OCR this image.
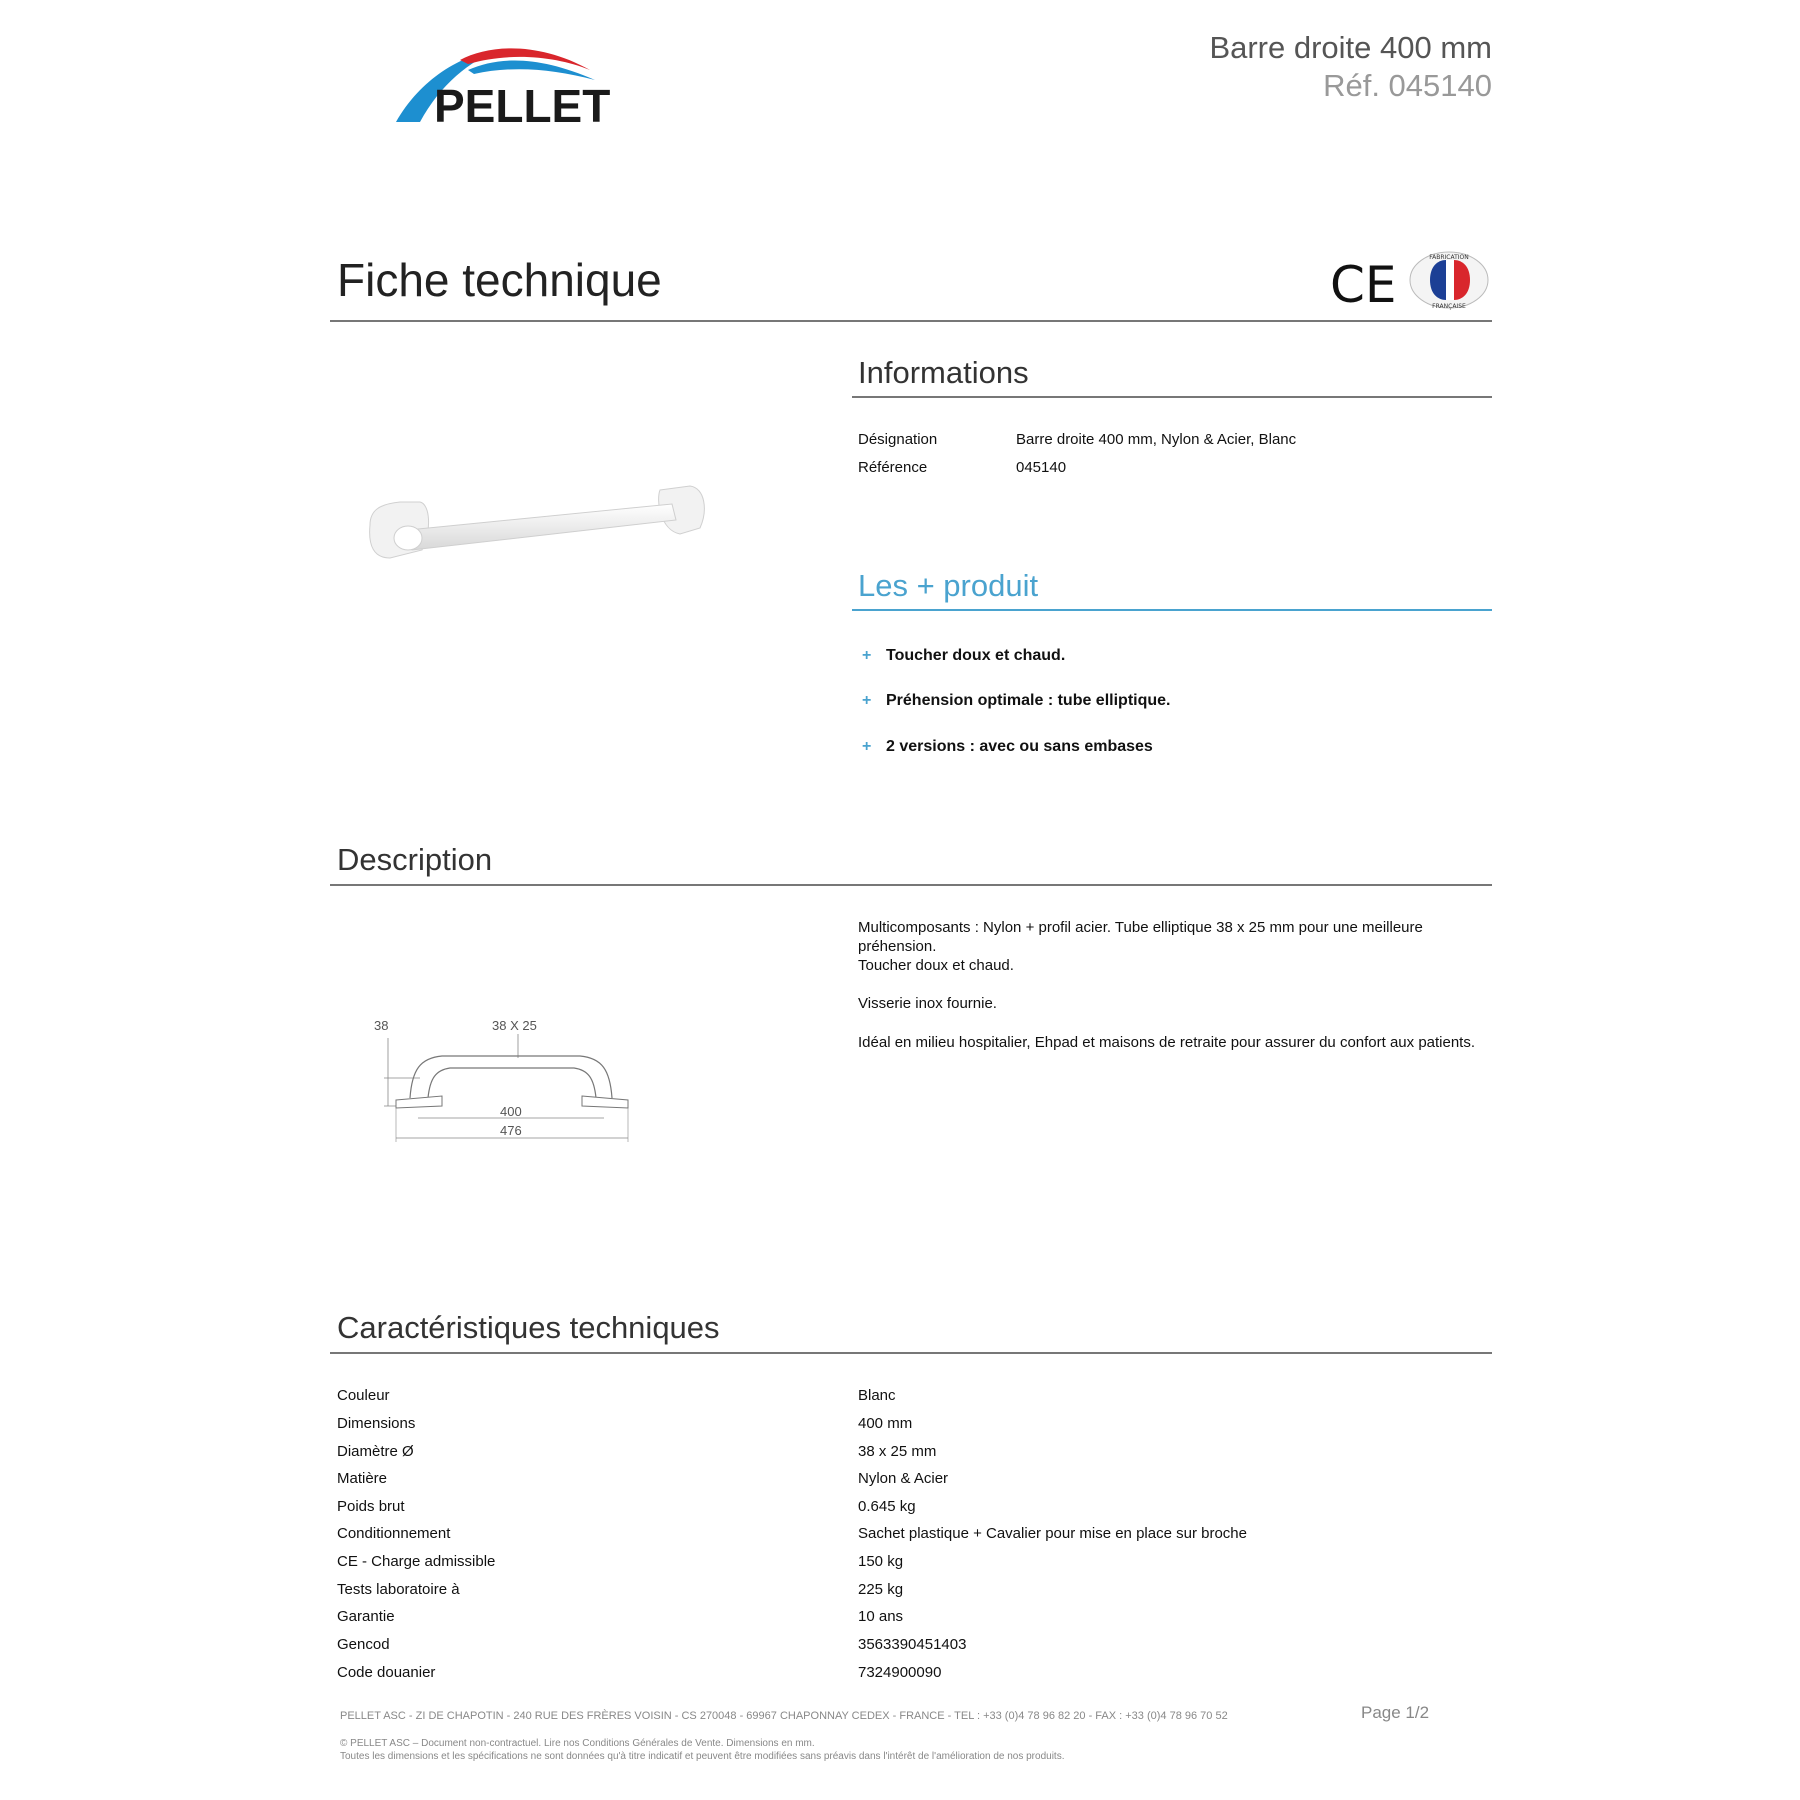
PELLET
Barre droite 400 mm
Réf. 045140
Fiche technique	CE	FABRICATION
FRANÇAISE
Informations
Désignation	Barre droite 400 mm, Nylon & Acier, Blanc
Référence	045140
Les + produit
+ Toucher doux et chaud.
+ Préhension optimale : tube elliptique.
+ 2 versions : avec ou sans embases
Description
38	38 X 25
400
476
Multicomposants : Nylon + profil acier. Tube elliptique 38 x 25 mm pour une meilleure préhension.
Toucher doux et chaud.
Visserie inox fournie.
Idéal en milieu hospitalier, Ehpad et maisons de retraite pour assurer du confort aux patients.
Caractéristiques techniques
Couleur	Blanc
Dimensions	400 mm
Diamètre Ø	38 x 25 mm
Matière	Nylon & Acier
Poids brut	0.645 kg
Conditionnement	Sachet plastique + Cavalier pour mise en place sur broche
CE - Charge admissible	150 kg
Tests laboratoire à	225 kg
Garantie	10 ans
Gencod	3563390451403
Code douanier	7324900090
PELLET ASC - ZI DE CHAPOTIN - 240 RUE DES FRÈRES VOISIN - CS 270048 - 69967 CHAPONNAY CEDEX - FRANCE - TEL : +33 (0)4 78 96 82 20 - FAX : +33 (0)4 78 96 70 52	Page 1/2
© PELLET ASC – Document non-contractuel. Lire nos Conditions Générales de Vente. Dimensions en mm.
Toutes les dimensions et les spécifications ne sont données qu'à titre indicatif et peuvent être modifiées sans préavis dans l'intérêt de l'amélioration de nos produits.
